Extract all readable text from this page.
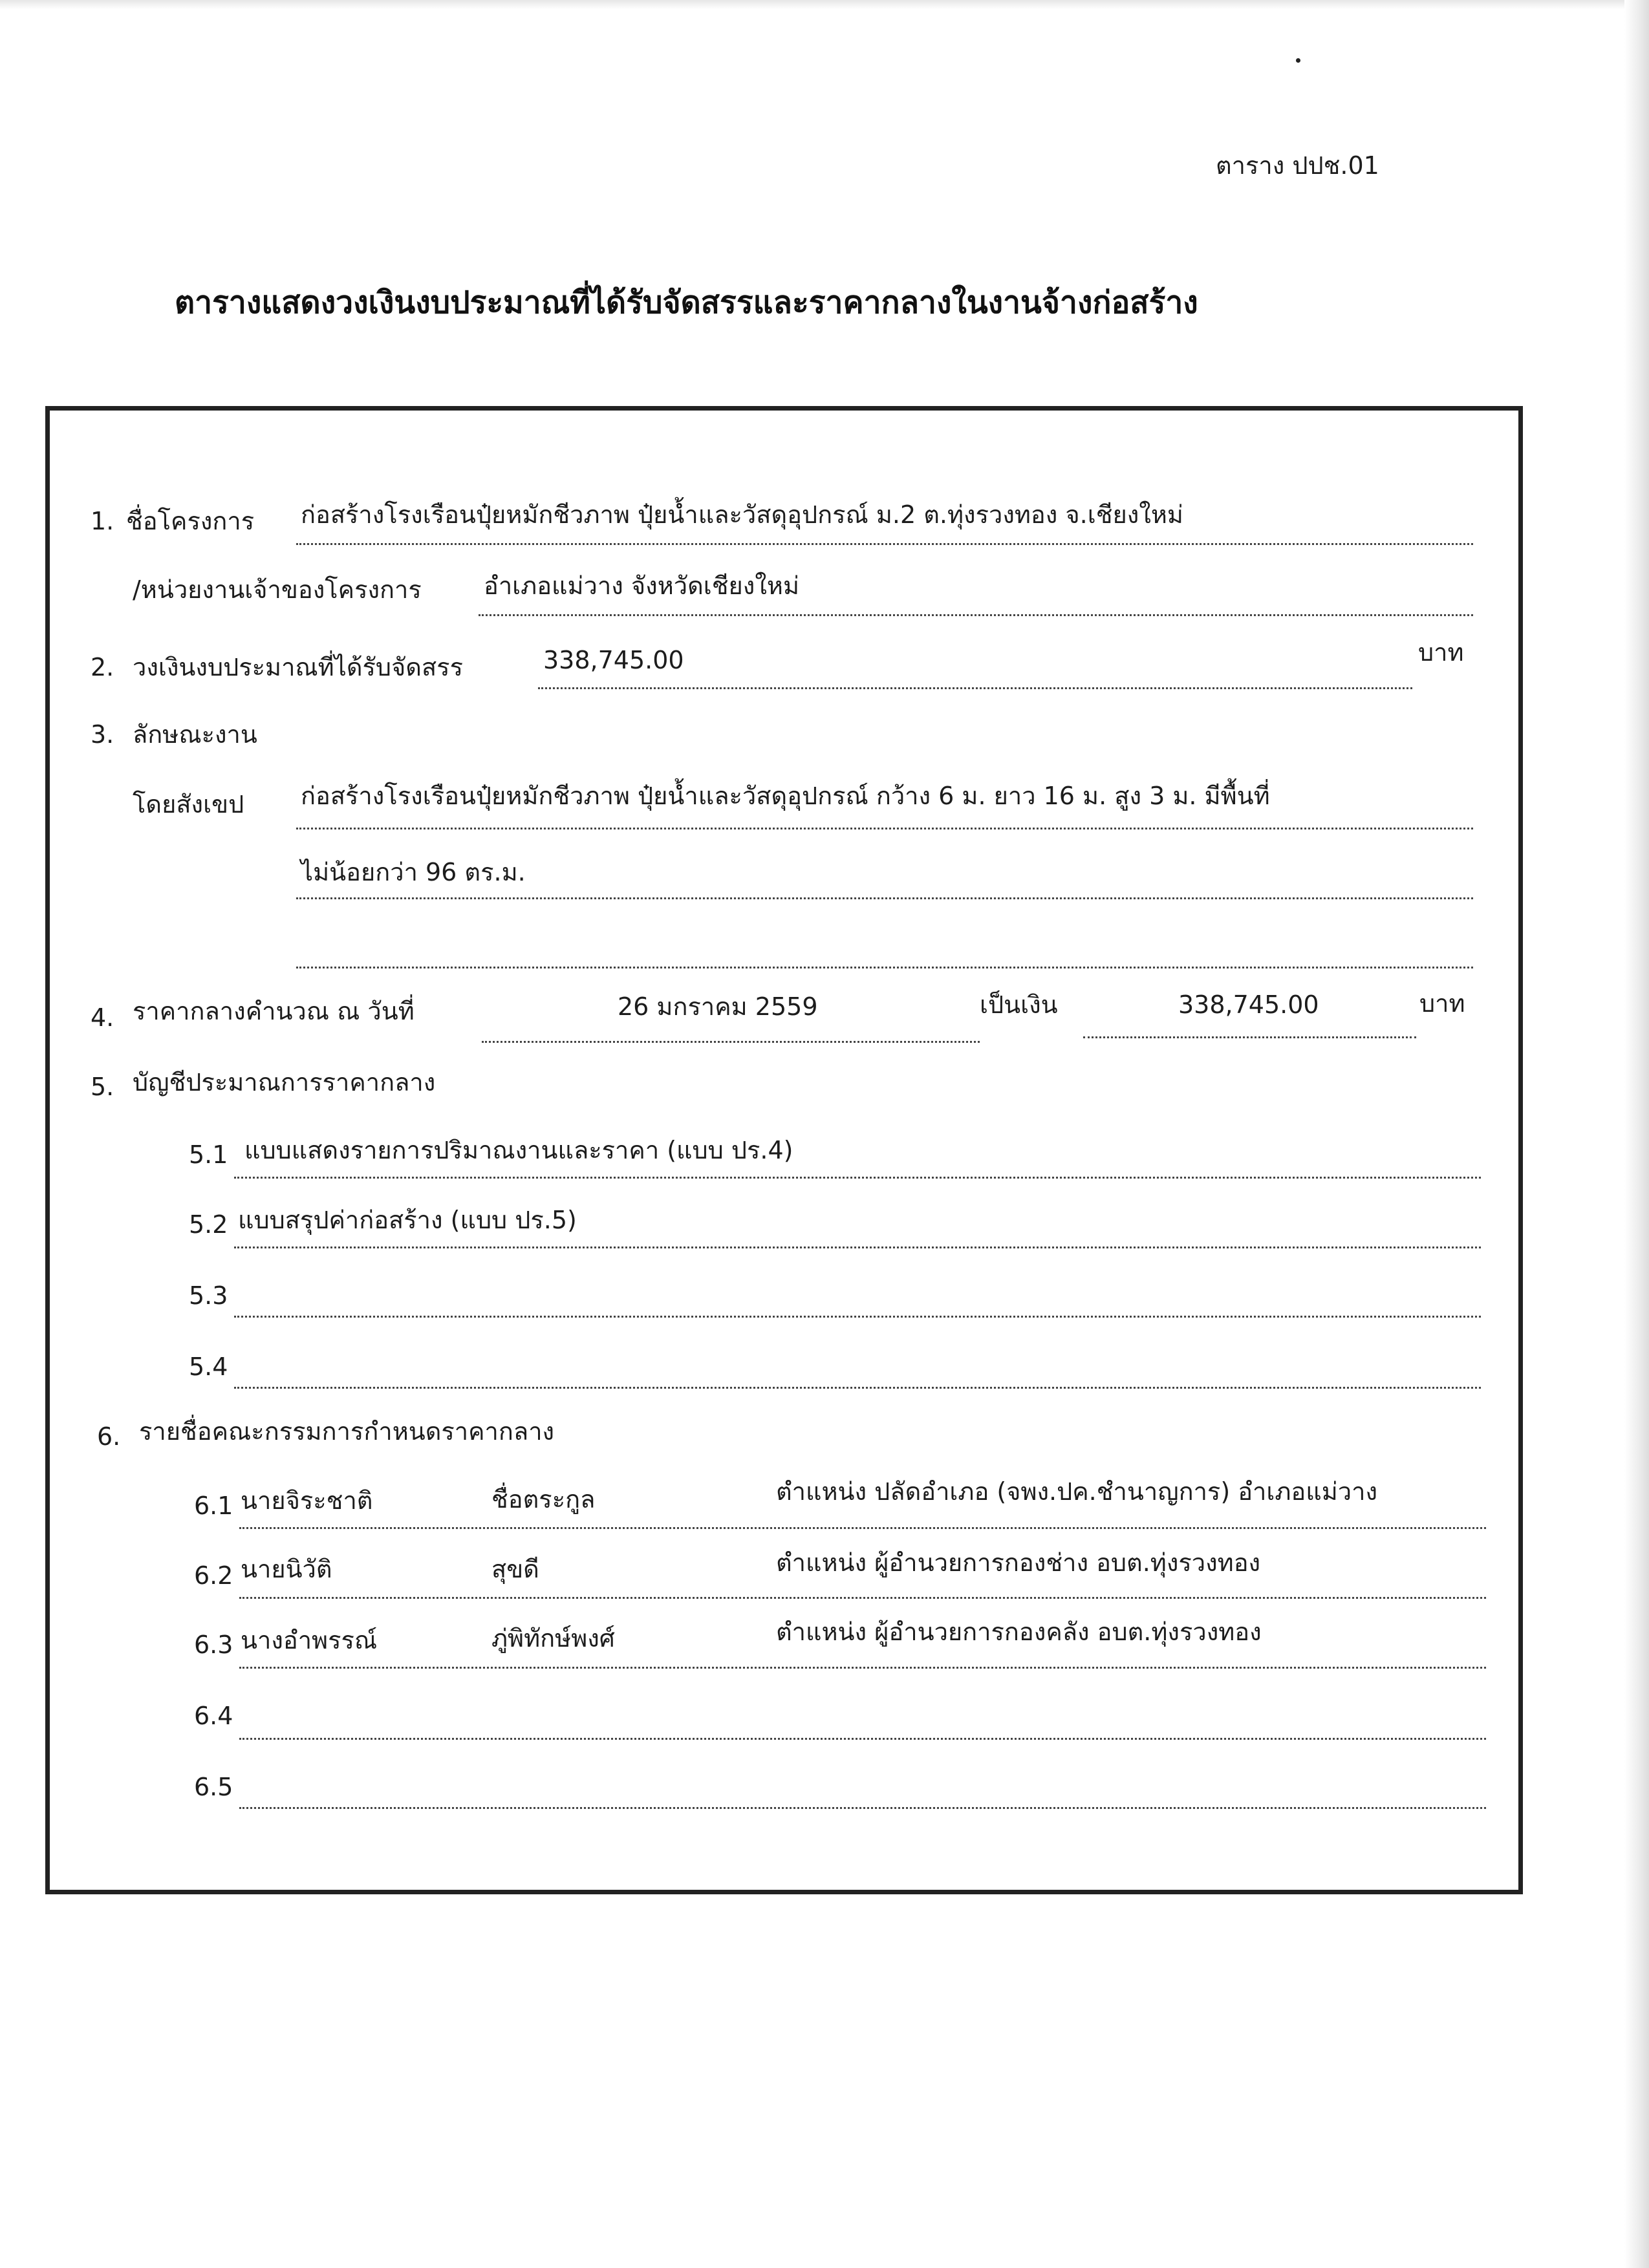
ตาราง ปปช.01
ตารางแสดงวงเงินงบประมาณที่ได้รับจัดสรรและราคากลางในงานจ้างก่อสร้าง
1. ชื่อโครงการ ก่อสร้างโรงเรือนปุ๋ยหมักชีวภาพ ปุ๋ยน้ำและวัสดุอุปกรณ์ ม.2 ต.ทุ่งรวงทอง จ.เชียงใหม่
/หน่วยงานเจ้าของโครงการ	อำเภอแม่วาง จังหวัดเชียงใหม่
2. วงเงินงบประมาณที่ได้รับจัดสรร	338,745.00	บาท
3. ลักษณะงาน
โดยสังเขป ก่อสร้างโรงเรือนปุ๋ยหมักชีวภาพ ปุ๋ยน้ำและวัสดุอุปกรณ์ กว้าง 6 ม. ยาว 16 ม. สูง 3 ม. มีพื้นที่
ไม่น้อยกว่า 96 ตร.ม.
4. ราคากลางคำนวณ ณ วันที่	26 มกราคม 2559	เป็นเงิน	338,745.00	บาท
5. บัญชีประมาณการราคากลาง
5.1 แบบแสดงรายการปริมาณงานและราคา (แบบ ปร.4)
5.2 แบบสรุปค่าก่อสร้าง (แบบ ปร.5)
5.3
5.4
6. รายชื่อคณะกรรมการกำหนดราคากลาง
6.1 นายจิระชาติ	ชื่อตระกูล	ตำแหน่ง ปลัดอำเภอ (จพง.ปค.ชำนาญการ) อำเภอแม่วาง
6.2 นายนิวัติ	สุขดี	ตำแหน่ง ผู้อำนวยการกองช่าง อบต.ทุ่งรวงทอง
6.3 นางอำพรรณ์	ภู่พิทักษ์พงศ์	ตำแหน่ง ผู้อำนวยการกองคลัง อบต.ทุ่งรวงทอง
6.4
6.5
